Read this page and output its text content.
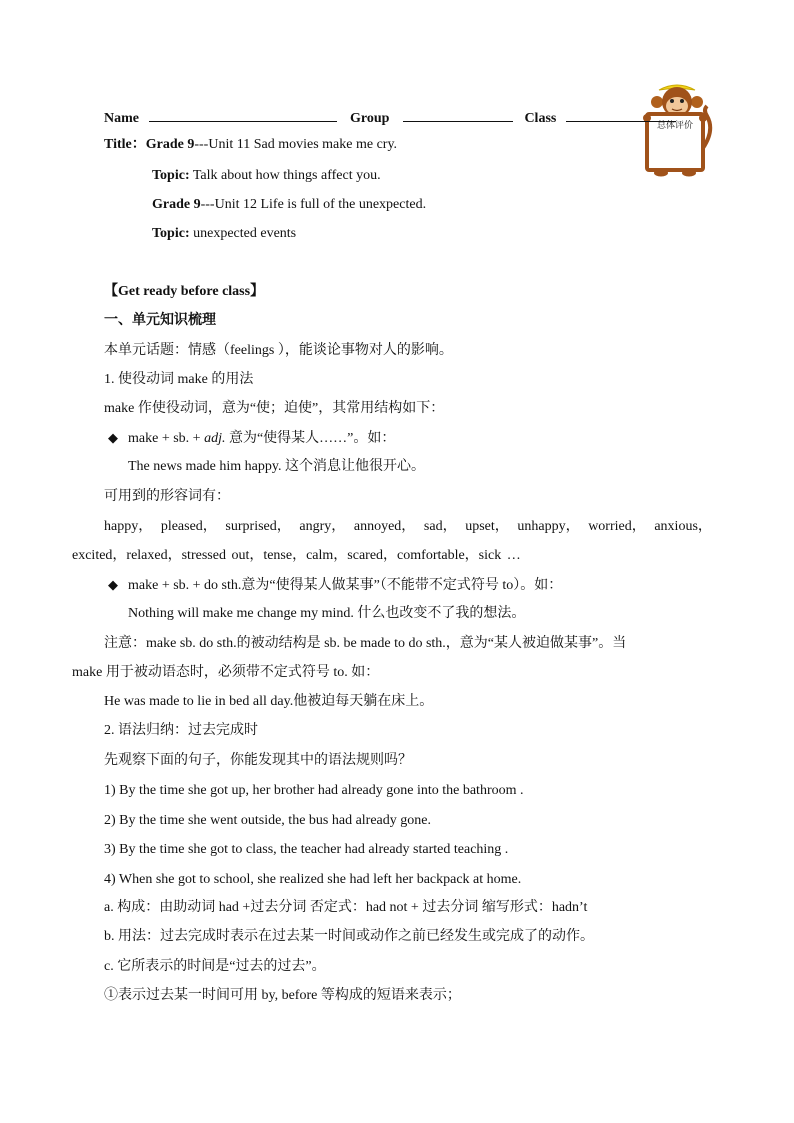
总体评价
Name	Group	Class
Title：Grade 9---Unit 11 Sad movies make me cry.
Topic: Talk about how things affect you.
Grade 9---Unit 12 Life is full of the unexpected.
Topic: unexpected events
【Get ready before class】
一、单元知识梳理
本单元话题：情感（feelings ），能谈论事物对人的影响。
1. 使役动词 make 的用法
make 作使役动词，意为“使；迫使”，其常用结构如下：
◆ make + sb. + adj. 意为“使得某人……”。如：
The news made him happy. 这个消息让他很开心。
可用到的形容词有：
happy， pleased， surprised， angry， annoyed， sad， upset， unhappy， worried， anxious，
excited，relaxed，stressed out，tense，calm，scared，comfortable，sick …
◆ make + sb. + do sth.意为“使得某人做某事”（不能带不定式符号 to）。如：
Nothing will make me change my mind. 什么也改变不了我的想法。
注意：make sb. do sth.的被动结构是 sb. be made to do sth.，意为“某人被迫做某事”。当
make 用于被动语态时，必须带不定式符号 to. 如：
He was made to lie in bed all day.他被迫每天躺在床上。
2. 语法归纳：过去完成时
先观察下面的句子，你能发现其中的语法规则吗？
1) By the time she got up, her brother had already gone into the bathroom .
2) By the time she went outside, the bus had already gone.
3) By the time she got to class, the teacher had already started teaching .
4) When she got to school, she realized she had left her backpack at home.
a. 构成：由助动词 had +过去分词 否定式：had not + 过去分词 缩写形式：hadn’t
b. 用法：过去完成时表示在过去某一时间或动作之前已经发生或完成了的动作。
c. 它所表示的时间是“过去的过去”。
①表示过去某一时间可用 by, before 等构成的短语来表示；
